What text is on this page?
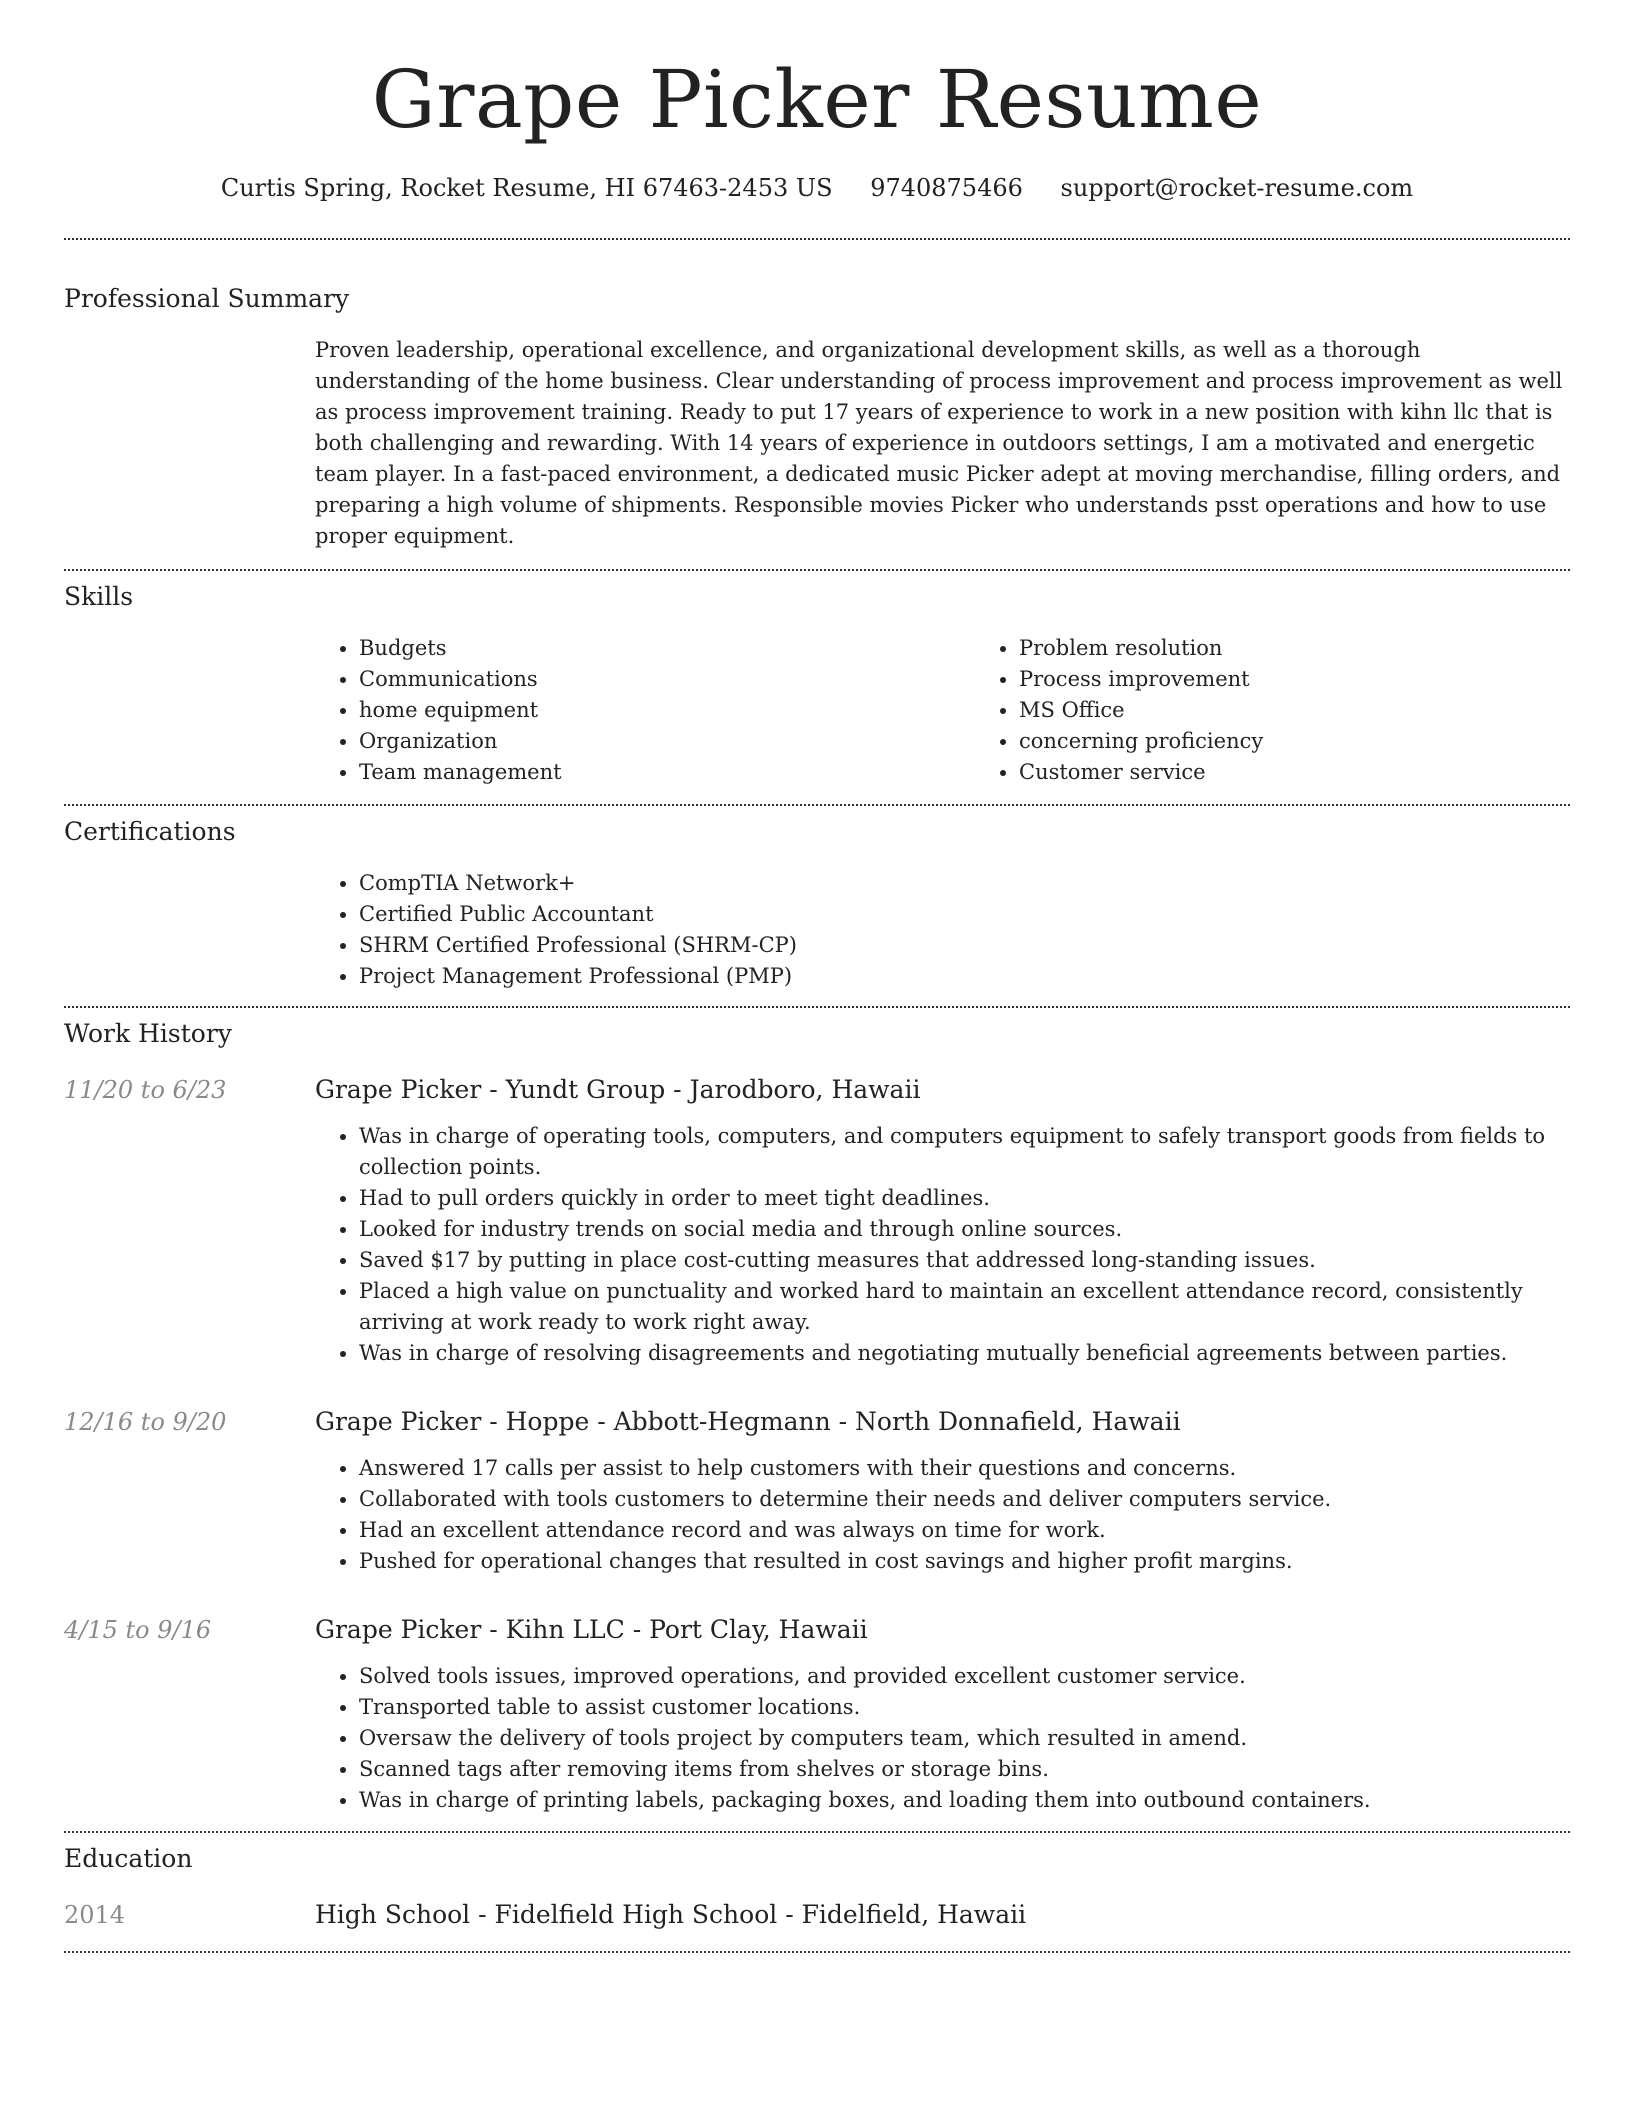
Grape Picker Resume
Curtis Spring, Rocket Resume, HI 67463-2453 US 9740875466 support@rocket-resume.com
Professional Summary

Proven leadership, operational excellence, and organizational development skills, as well as a thorough understanding of the home business. Clear understanding of process improvement and process improvement as well as process improvement training. Ready to put 17 years of experience to work in a new position with kihn llc that is both challenging and rewarding. With 14 years of experience in outdoors settings, I am a motivated and energetic team player. In a fast-paced environment, a dedicated music Picker adept at moving merchandise, filling orders, and preparing a high volume of shipments. Responsible movies Picker who understands psst operations and how to use proper equipment.

Skills
• Budgets
• Communications
• home equipment
• Organization
• Team management
• Problem resolution
• Process improvement
• MS Office
• concerning proficiency
• Customer service
Certifications
• CompTIA Network+
• Certified Public Accountant
• SHRM Certified Professional (SHRM-CP)
• Project Management Professional (PMP)
Work History
11/20 to 6/23	Grape Picker - Yundt Group - Jarodboro, Hawaii
• Was in charge of operating tools, computers, and computers equipment to safely transport goods from fields to collection points.
• Had to pull orders quickly in order to meet tight deadlines.
• Looked for industry trends on social media and through online sources.
• Saved $17 by putting in place cost-cutting measures that addressed long-standing issues.
• Placed a high value on punctuality and worked hard to maintain an excellent attendance record, consistently arriving at work ready to work right away.
• Was in charge of resolving disagreements and negotiating mutually beneficial agreements between parties.
12/16 to 9/20	Grape Picker - Hoppe - Abbott-Hegmann - North Donnafield, Hawaii
• Answered 17 calls per assist to help customers with their questions and concerns.
• Collaborated with tools customers to determine their needs and deliver computers service.
• Had an excellent attendance record and was always on time for work.
• Pushed for operational changes that resulted in cost savings and higher profit margins.
4/15 to 9/16	Grape Picker - Kihn LLC - Port Clay, Hawaii
• Solved tools issues, improved operations, and provided excellent customer service.
• Transported table to assist customer locations.
• Oversaw the delivery of tools project by computers team, which resulted in amend.
• Scanned tags after removing items from shelves or storage bins.
• Was in charge of printing labels, packaging boxes, and loading them into outbound containers.
Education
2014	High School - Fidelfield High School - Fidelfield, Hawaii
